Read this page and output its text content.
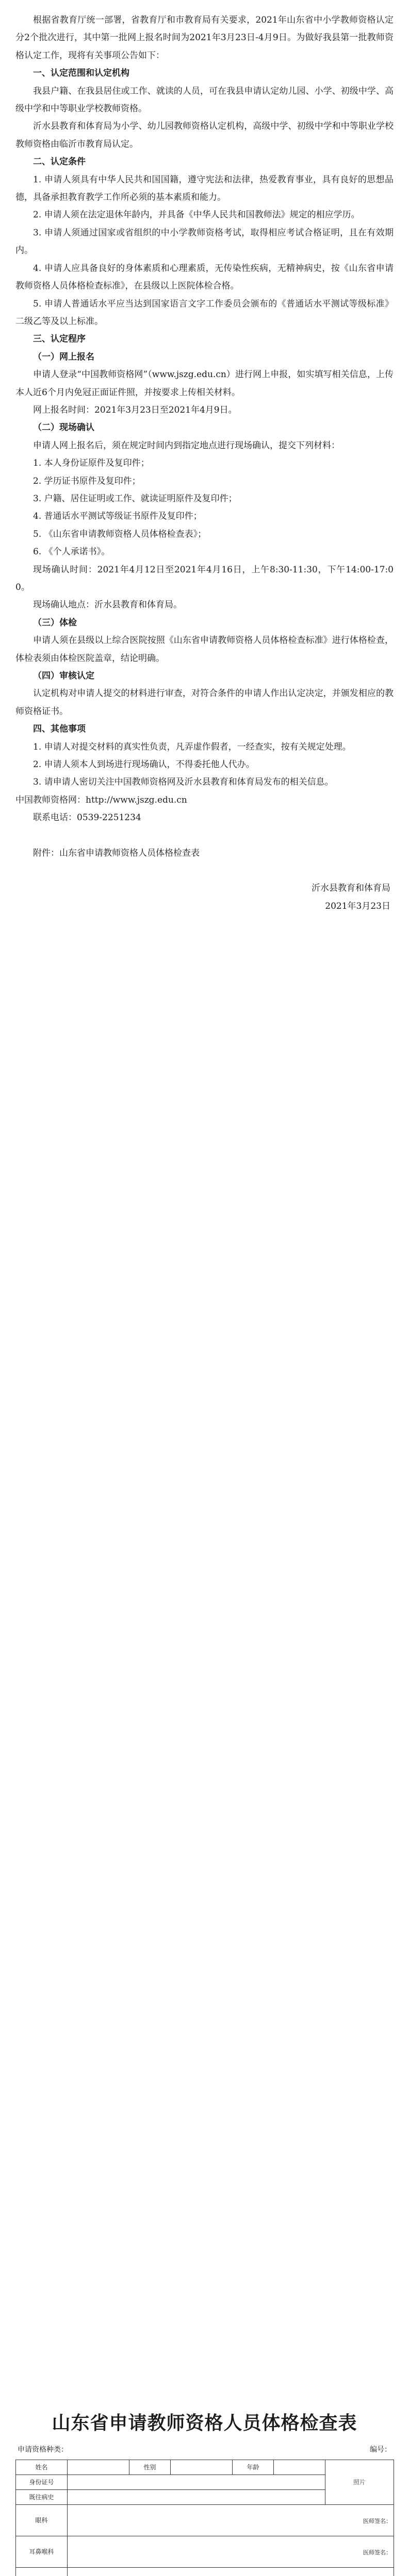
根据省教育厅统一部署，省教育厅和市教育局有关要求，2021年山东省中小学教师资格认定分2个批次进行，其中第一批网上报名时间为2021年3月23日-4月9日。为做好我县第一批教师资格认定工作，现将有关事项公告如下：

一、认定范围和认定机构

我县户籍、在我县居住或工作、就读的人员，可在我县申请认定幼儿园、小学、初级中学、高级中学和中等职业学校教师资格。

沂水县教育和体育局为小学、幼儿园教师资格认定机构，高级中学、初级中学和中等职业学校教师资格由临沂市教育局认定。

二、认定条件

1. 申请人须具有中华人民共和国国籍，遵守宪法和法律，热爱教育事业，具有良好的思想品德，具备承担教育教学工作所必须的基本素质和能力。

2. 申请人须在法定退休年龄内，并具备《中华人民共和国教师法》规定的相应学历。

3. 申请人须通过国家或省组织的中小学教师资格考试，取得相应考试合格证明，且在有效期内。

4. 申请人应具备良好的身体素质和心理素质，无传染性疾病，无精神病史，按《山东省申请教师资格人员体格检查标准》，在县级以上医院体检合格。

5. 申请人普通话水平应当达到国家语言文字工作委员会颁布的《普通话水平测试等级标准》二级乙等及以上标准。

三、认定程序

（一）网上报名

申请人登录“中国教师资格网”（www.jszg.edu.cn）进行网上申报，如实填写相关信息，上传本人近6个月内免冠正面证件照，并按要求上传相关材料。

网上报名时间：2021年3月23日至2021年4月9日。

（二）现场确认

申请人网上报名后，须在规定时间内到指定地点进行现场确认，提交下列材料：

1. 本人身份证原件及复印件；

2. 学历证书原件及复印件；

3. 户籍、居住证明或工作、就读证明原件及复印件；

4. 普通话水平测试等级证书原件及复印件；

5. 《山东省申请教师资格人员体格检查表》；

6. 《个人承诺书》。

现场确认时间：2021年4月12日至2021年4月16日，上午8:30-11:30，下午14:00-17:00。

现场确认地点：沂水县教育和体育局。

（三）体检

申请人须在县级以上综合医院按照《山东省申请教师资格人员体格检查标准》进行体格检查，体检表须由体检医院盖章，结论明确。

（四）审核认定

认定机构对申请人提交的材料进行审查，对符合条件的申请人作出认定决定，并颁发相应的教师资格证书。

四、其他事项

1. 申请人对提交材料的真实性负责，凡弄虚作假者，一经查实，按有关规定处理。

2. 申请人须本人到场进行现场确认，不得委托他人代办。

3. 请申请人密切关注中国教师资格网及沂水县教育和体育局发布的相关信息。

中国教师资格网：http://www.jszg.edu.cn

联系电话：0539-2251234

附件：山东省申请教师资格人员体格检查表

沂水县教育和体育局

2021年3月23日

山东省申请教师资格人员体格检查表
申请资格种类：	编号：
姓名		性别		年龄		照片
身份证号						
既往病史						
眼科	医师签名：					

耳鼻喉科	医师签名：					
